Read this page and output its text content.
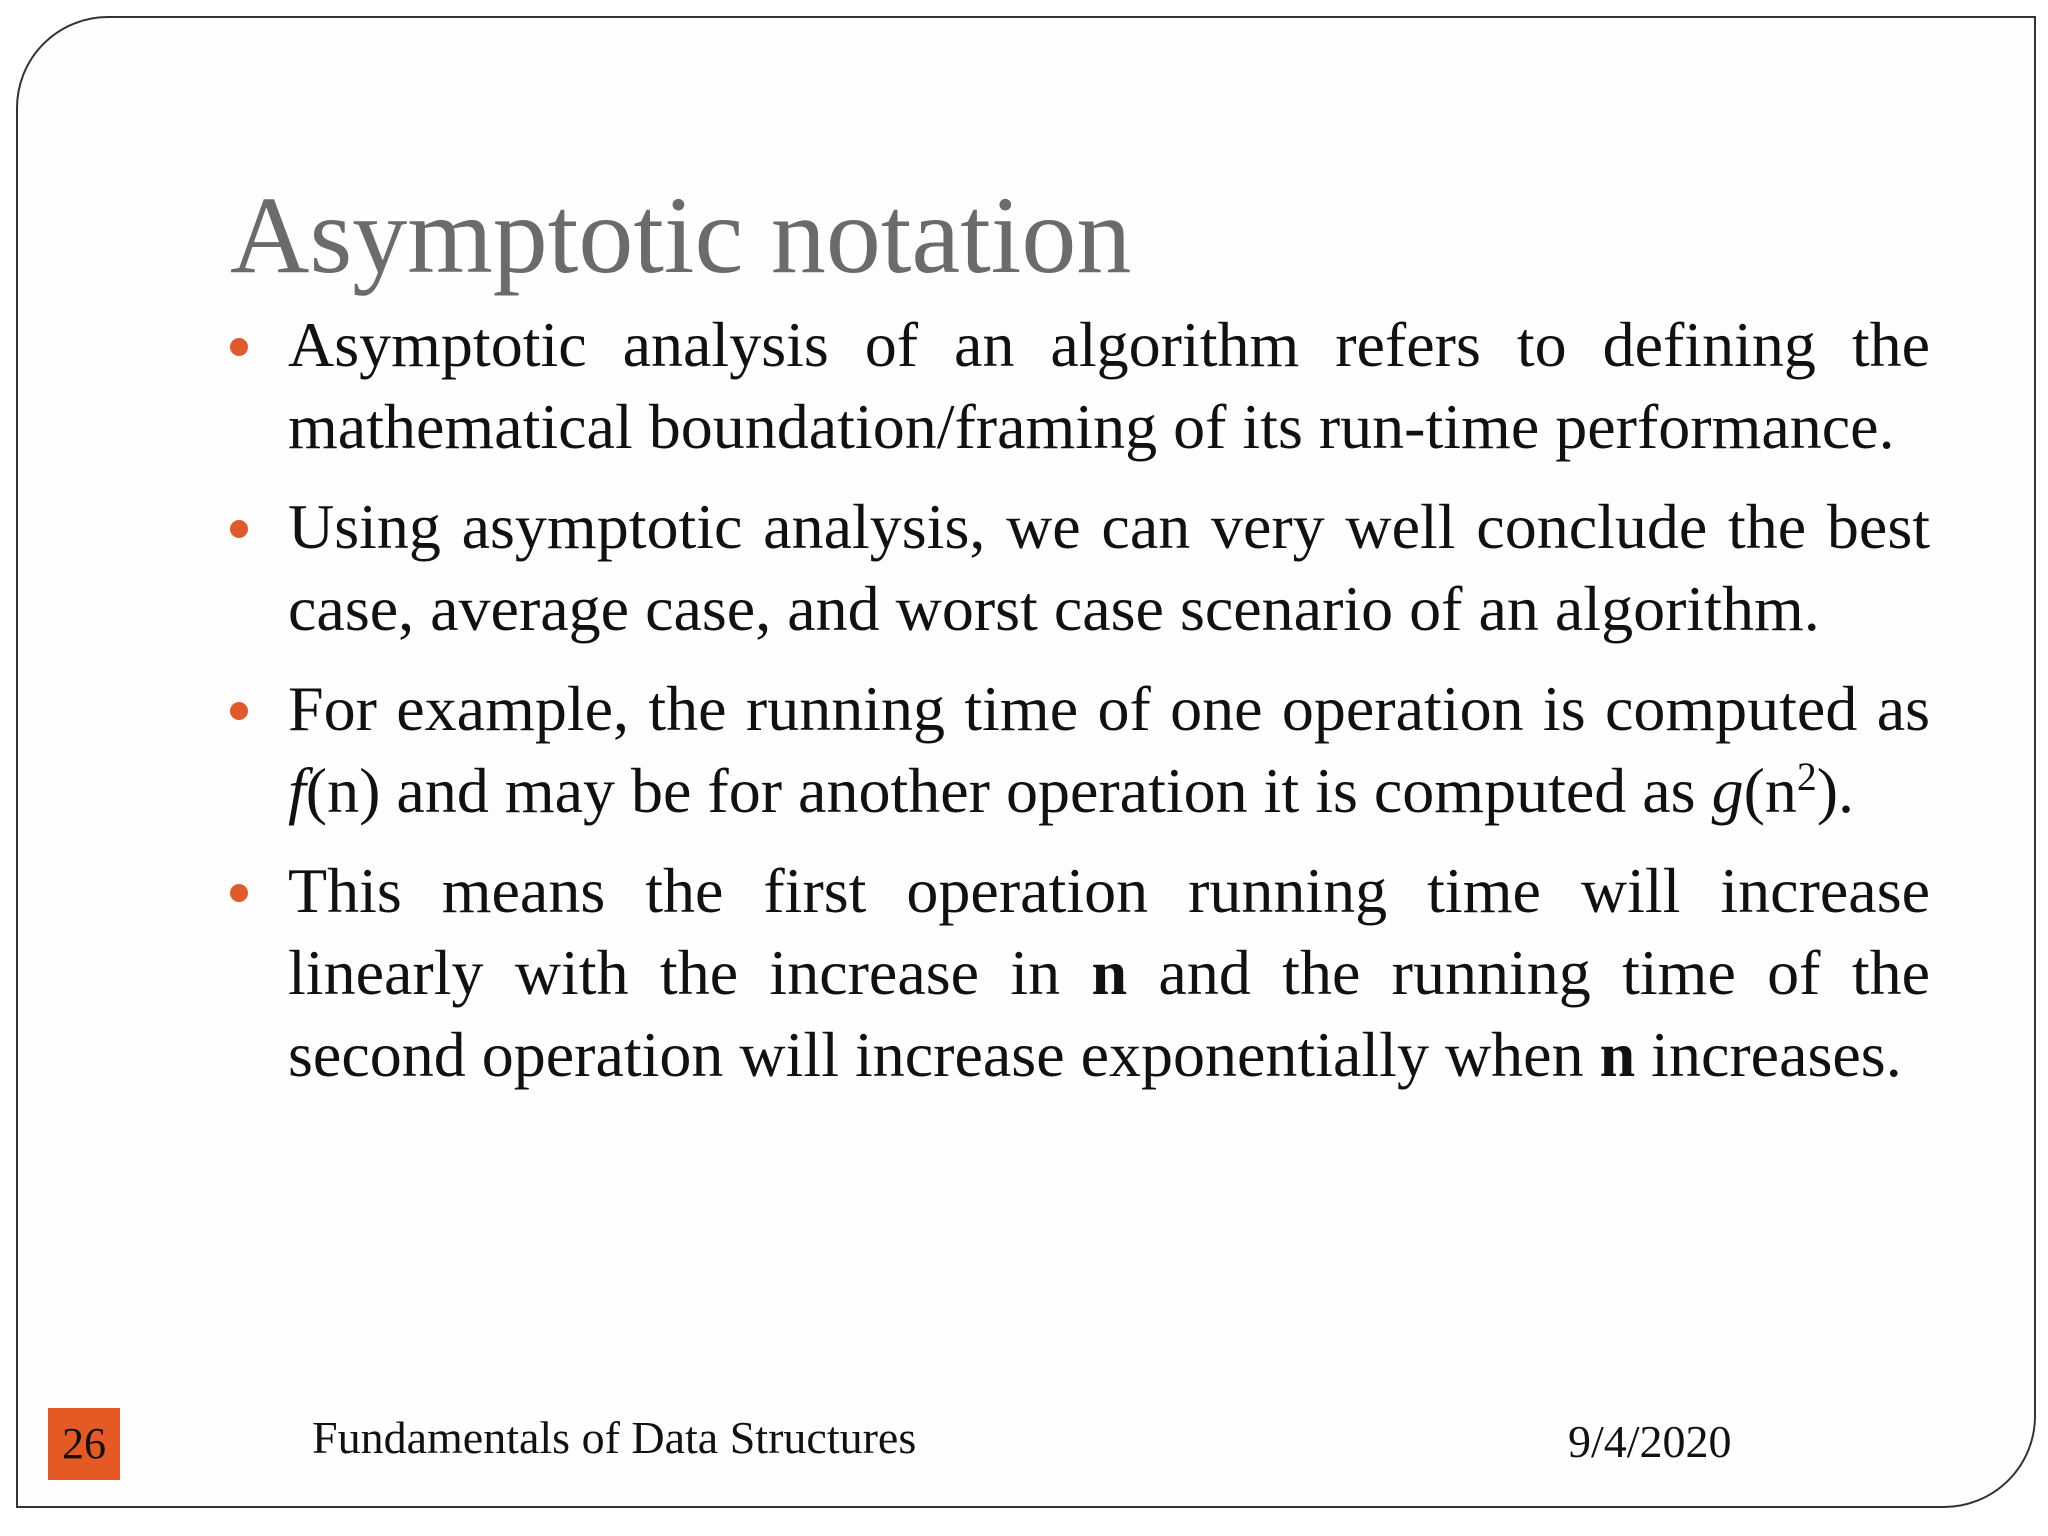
Asymptotic notation
Asymptotic analysis of an algorithm refers to defining the mathematical boundation/framing of its run-time performance.
Using asymptotic analysis, we can very well conclude the best case, average case, and worst case scenario of an algorithm.
For example, the running time of one operation is computed as f(n) and may be for another operation it is computed as $g(n^2)$.
This means the first operation running time will increase linearly with the increase in n and the running time of the second operation will increase exponentially when n increases.
26	Fundamentals of Data Structures	9/4/2020
